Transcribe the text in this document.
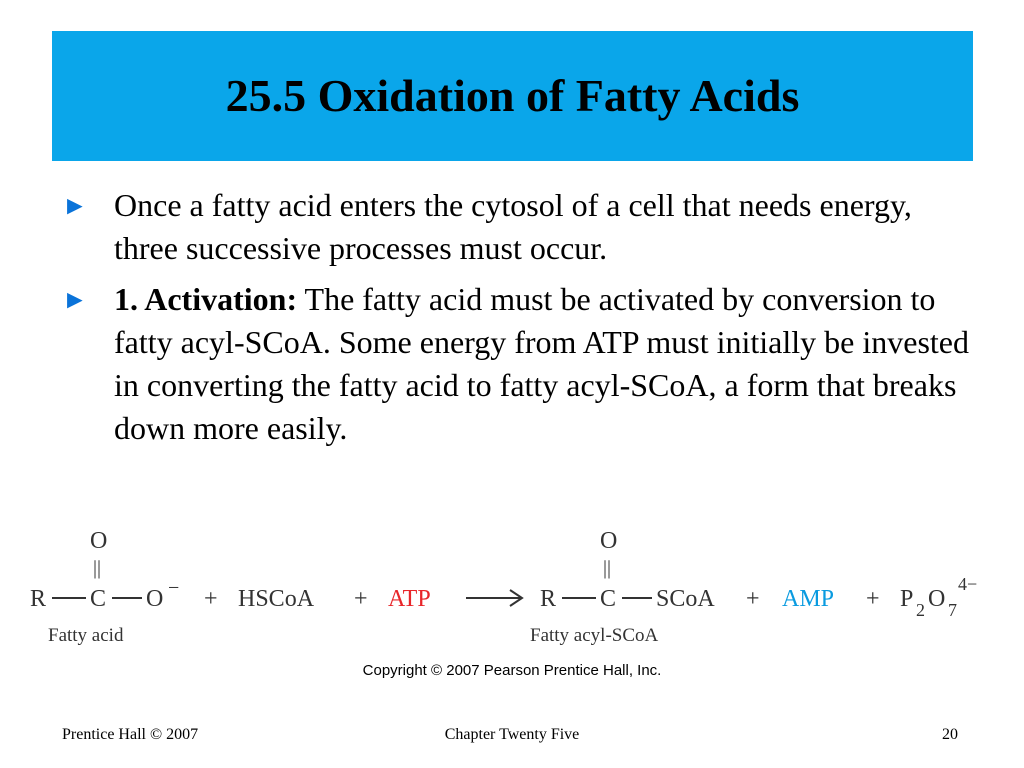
25.5 Oxidation of Fatty Acids
► Once a fatty acid enters the cytosol of a cell that needs energy, three successive processes must occur.
► 1. Activation: The fatty acid must be activated by conversion to fatty acyl-SCoA. Some energy from ATP must initially be invested in converting the fatty acid to fatty acyl-SCoA, a form that breaks down more easily.
O
||
R C O − + HSCoA + ATP
O
||
R C SCoA + AMP + P 2 O 7
4−
Fatty acid	Fatty acyl-SCoA
Copyright © 2007 Pearson Prentice Hall, Inc.
Prentice Hall © 2007	Chapter Twenty Five	20
